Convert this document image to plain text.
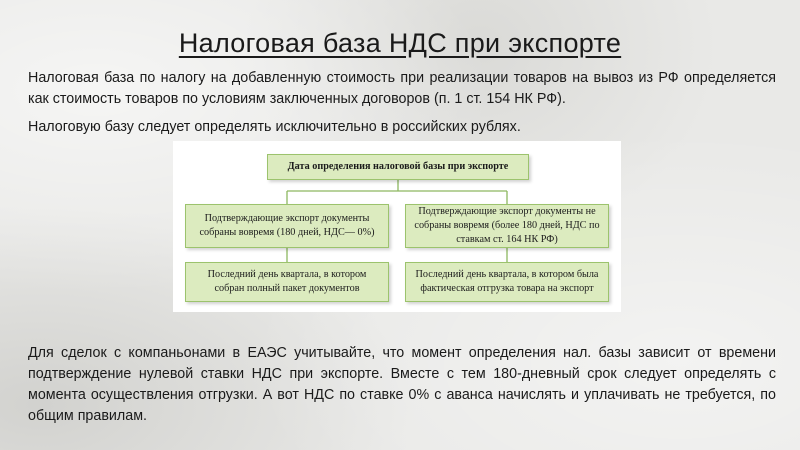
Налоговая база НДС при экспорте
Налоговая база по налогу на добавленную стоимость при реализации товаров на вывоз из РФ определяется как стоимость товаров по условиям заключенных договоров (п. 1 ст. 154 НК РФ).
Налоговую базу следует определять исключительно в российских рублях.
Дата определения налоговой базы при экспорте
Подтверждающие экспорт документы собраны вовремя (180 дней, НДС— 0%)
Подтверждающие экспорт документы не собраны вовремя (более 180 дней, НДС по ставкам ст. 164 НК РФ)
Последний день квартала, в котором собран полный пакет документов
Последний день квартала, в котором была фактическая отгрузка товара на экспорт
Для сделок с компаньонами в ЕАЭС учитывайте, что момент определения нал. базы зависит от времени подтверждение нулевой ставки НДС при экспорте. Вместе с тем 180-дневный срок следует определять с момента осуществления отгрузки. А вот НДС по ставке 0% с аванса начислять и уплачивать не требуется, по общим правилам.
